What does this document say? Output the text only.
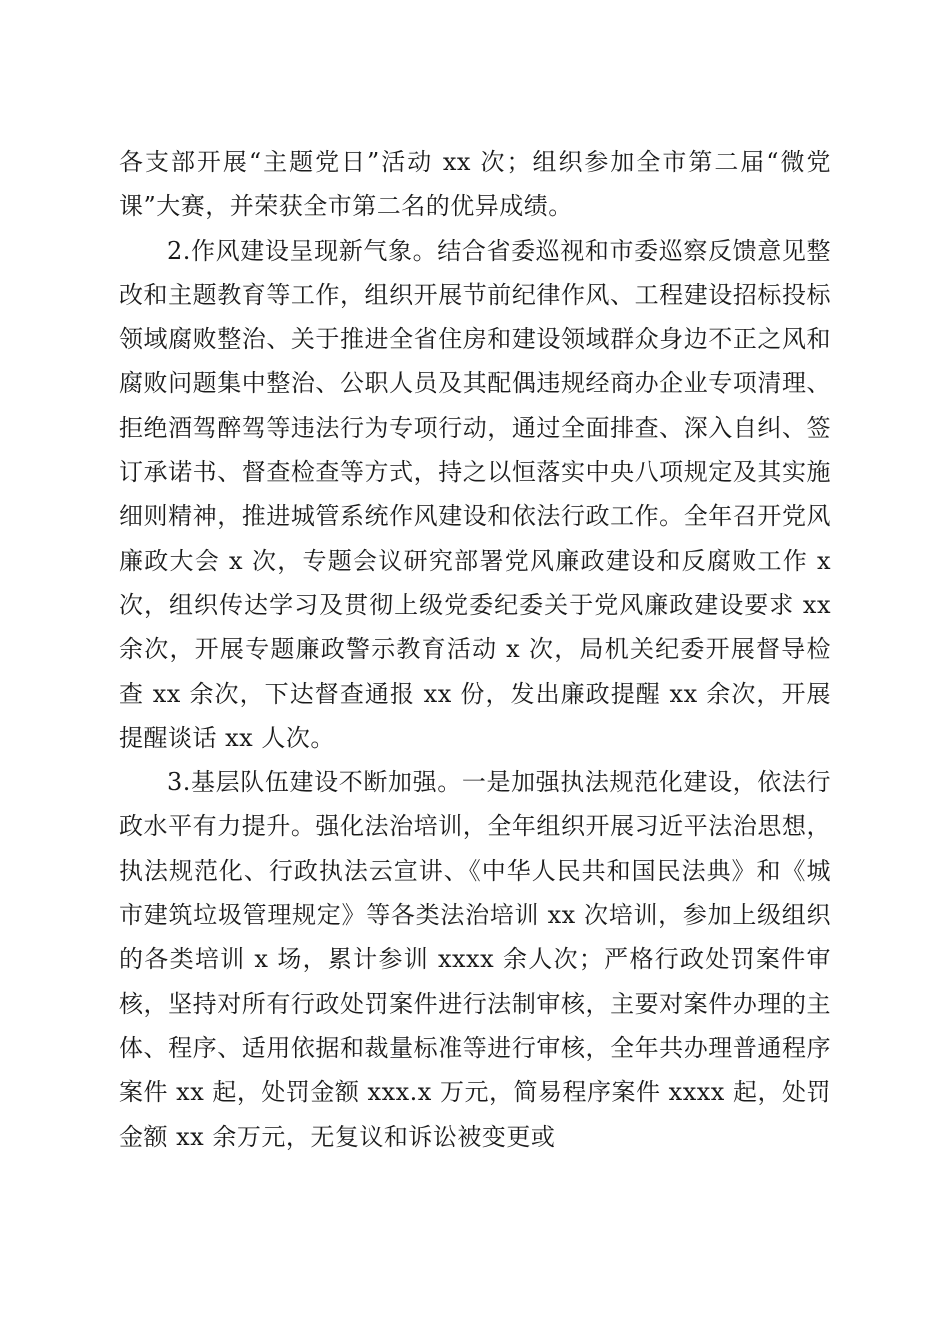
各支部开展“主题党日”活动 xx 次；组织参加全市第二届“微党课”大赛，并荣获全市第二名的优异成绩。

2.作风建设呈现新气象。结合省委巡视和市委巡察反馈意见整改和主题教育等工作，组织开展节前纪律作风、工程建设招标投标领域腐败整治、关于推进全省住房和建设领域群众身边不正之风和腐败问题集中整治、公职人员及其配偶违规经商办企业专项清理、拒绝酒驾醉驾等违法行为专项行动，通过全面排查、深入自纠、签订承诺书、督查检查等方式，持之以恒落实中央八项规定及其实施细则精神，推进城管系统作风建设和依法行政工作。全年召开党风廉政大会 x 次，专题会议研究部署党风廉政建设和反腐败工作 x 次，组织传达学习及贯彻上级党委纪委关于党风廉政建设要求 xx 余次，开展专题廉政警示教育活动 x 次，局机关纪委开展督导检查 xx 余次，下达督查通报 xx 份，发出廉政提醒 xx 余次，开展提醒谈话 xx 人次。

3.基层队伍建设不断加强。一是加强执法规范化建设，依法行政水平有力提升。强化法治培训，全年组织开展习近平法治思想，执法规范化、行政执法云宣讲、《中华人民共和国民法典》和《城市建筑垃圾管理规定》等各类法治培训 xx 次培训，参加上级组织的各类培训 x 场，累计参训 xxxx 余人次；严格行政处罚案件审核，坚持对所有行政处罚案件进行法制审核，主要对案件办理的主体、程序、适用依据和裁量标准等进行审核，全年共办理普通程序案件 xx 起，处罚金额 xxx.x 万元，简易程序案件 xxxx 起，处罚金额 xx 余万元，无复议和诉讼被变更或
